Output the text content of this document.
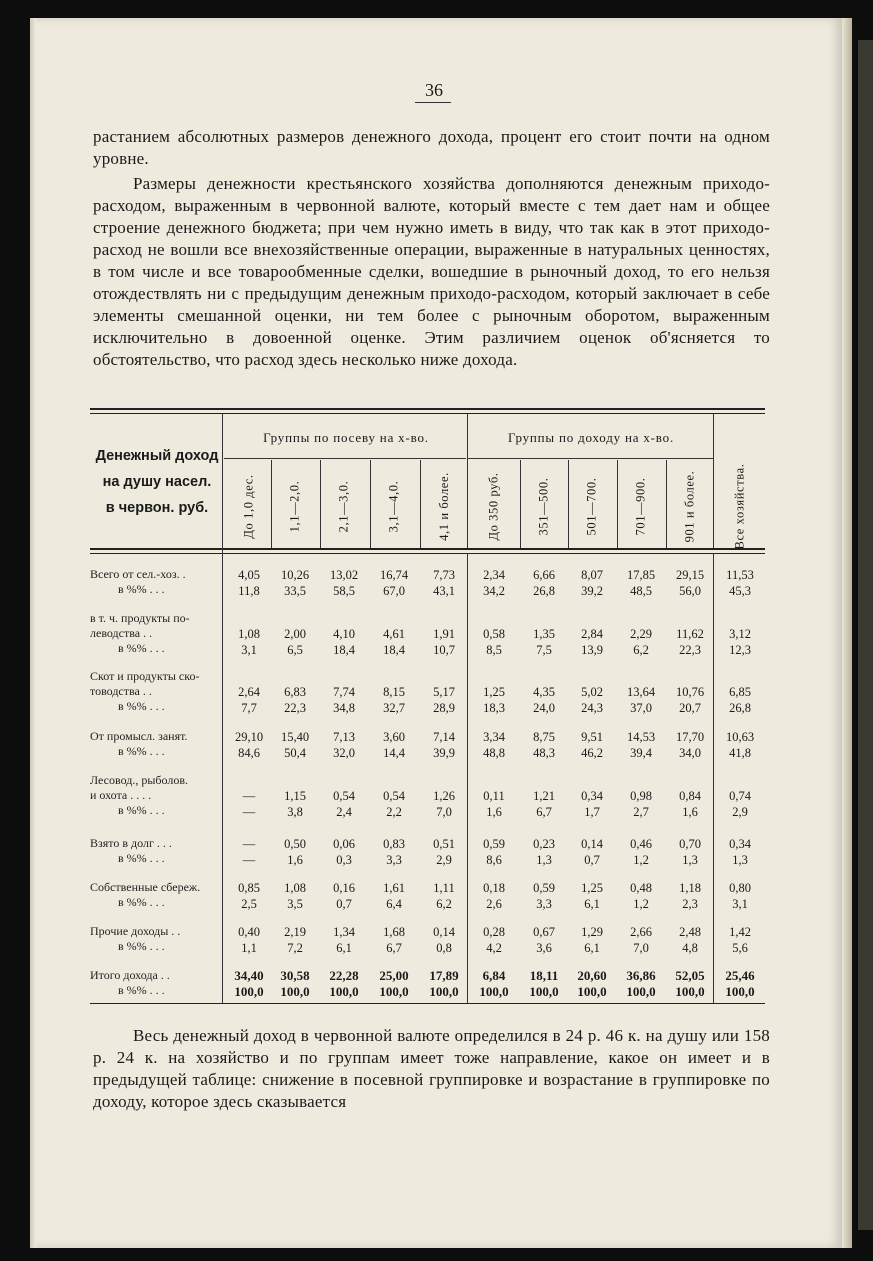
36

растанием абсолютных размеров денежного дохода, процент его стоит почти на одном уровне.

Размеры денежности крестьянского хозяйства дополняются денежным приходо-расходом, выраженным в червонной валюте, который вместе с тем дает нам и общее строение денежного бюджета; при чем нужно иметь в виду, что так как в этот приходо-расход не вошли все внехозяйственные операции, выраженные в натуральных ценностях, в том числе и все товарообменные сделки, вошедшие в рыночный доход, то его нельзя отождествлять ни с предыдущим денежным приходо-расходом, который заключает в себе элементы смешанной оценки, ни тем более с рыночным оборотом, выраженным исключительно в довоенной оценке. Этим различием оценок об'ясняется то обстоятельство, что расход здесь несколько ниже дохода.

Денежный доход
на душу насел.
в червон. руб.
Группы по посеву на х-во.	Группы по доходу на х-во.
До 1,0 дес.	1,1—2,0.	2,1—3,0.	3,1—4,0.	4,1 и более.	До 350 руб.	351—500.	501—700.	701—900.	901 и более.	Все хозяйства.
Всего от сел.-хоз. .
в %% . . .
4,05	10,26	13,02	16,74	7,73	2,34	6,66	8,07	17,85	29,15	11,53
11,8	33,5	58,5	67,0	43,1	34,2	26,8	39,2	48,5	56,0	45,3
в т. ч. продукты по-
леводства . .
в %% . . .
1,08	2,00	4,10	4,61	1,91	0,58	1,35	2,84	2,29	11,62	3,12
3,1	6,5	18,4	18,4	10,7	8,5	7,5	13,9	6,2	22,3	12,3
Скот и продукты ско-
товодства . .
в %% . . .
2,64	6,83	7,74	8,15	5,17	1,25	4,35	5,02	13,64	10,76	6,85
7,7	22,3	34,8	32,7	28,9	18,3	24,0	24,3	37,0	20,7	26,8
От промысл. занят.
в %% . . .
29,10	15,40	7,13	3,60	7,14	3,34	8,75	9,51	14,53	17,70	10,63
84,6	50,4	32,0	14,4	39,9	48,8	48,3	46,2	39,4	34,0	41,8
Лесовод., рыболов.
и охота . . . .
в %% . . .
—	1,15	0,54	0,54	1,26	0,11	1,21	0,34	0,98	0,84	0,74
—	3,8	2,4	2,2	7,0	1,6	6,7	1,7	2,7	1,6	2,9
Взято в долг . . .
в %% . . .
—	0,50	0,06	0,83	0,51	0,59	0,23	0,14	0,46	0,70	0,34
—	1,6	0,3	3,3	2,9	8,6	1,3	0,7	1,2	1,3	1,3
Собственные сбереж.
в %% . . .
0,85	1,08	0,16	1,61	1,11	0,18	0,59	1,25	0,48	1,18	0,80
2,5	3,5	0,7	6,4	6,2	2,6	3,3	6,1	1,2	2,3	3,1
Прочие доходы . .
в %% . . .
0,40	2,19	1,34	1,68	0,14	0,28	0,67	1,29	2,66	2,48	1,42
1,1	7,2	6,1	6,7	0,8	4,2	3,6	6,1	7,0	4,8	5,6
Итого дохода . .
в %% . . .
34,40	30,58	22,28	25,00	17,89	6,84	18,11	20,60	36,86	52,05	25,46
100,0	100,0	100,0	100,0	100,0	100,0	100,0	100,0	100,0	100,0	100,0

Весь денежный доход в червонной валюте определился в 24 р. 46 к. на душу или 158 р. 24 к. на хозяйство и по группам имеет тоже направление, какое он имеет и в предыдущей таблице: снижение в посевной группировке и возрастание в группировке по доходу, которое здесь сказывается
